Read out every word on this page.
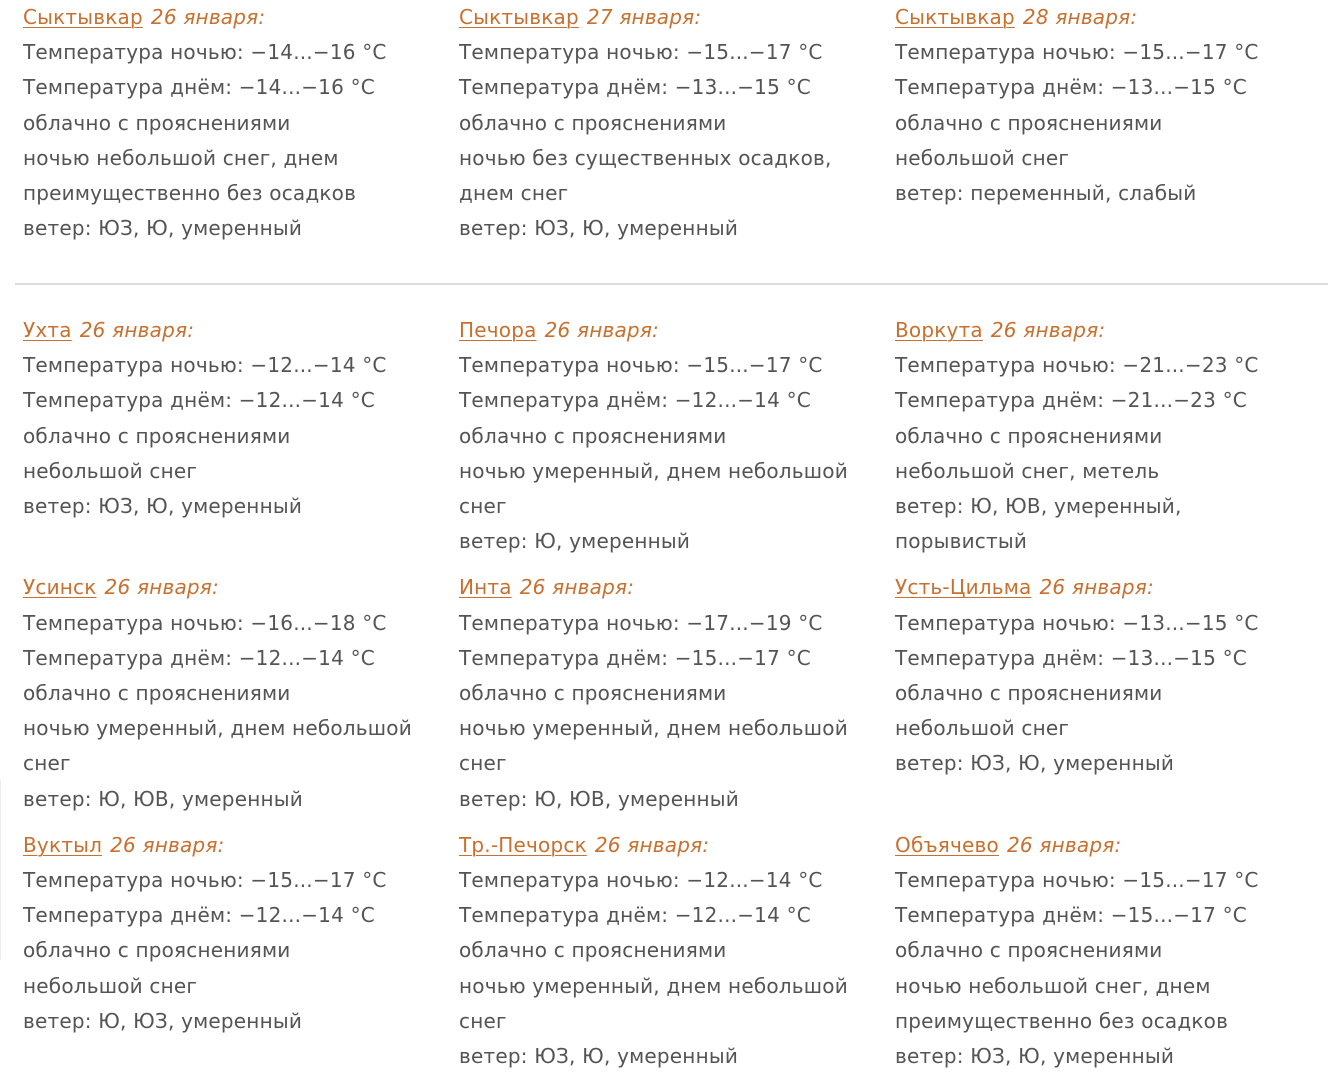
Сыктывкар 26 января:
Температура ночью: −14...−16 °C
Температура днём: −14...−16 °C
облачно с прояснениями
ночью небольшой снег, днем преимущественно без осадков
ветер: ЮЗ, Ю, умеренный
Сыктывкар 27 января:
Температура ночью: −15...−17 °C
Температура днём: −13...−15 °C
облачно с прояснениями
ночью без существенных осадков, днем снег
ветер: ЮЗ, Ю, умеренный
Сыктывкар 28 января:
Температура ночью: −15...−17 °C
Температура днём: −13...−15 °C
облачно с прояснениями
небольшой снег
ветер: переменный, слабый
Ухта 26 января:
Температура ночью: −12...−14 °C
Температура днём: −12...−14 °C
облачно с прояснениями
небольшой снег
ветер: ЮЗ, Ю, умеренный
Печора 26 января:
Температура ночью: −15...−17 °C
Температура днём: −12...−14 °C
облачно с прояснениями
ночью умеренный, днем небольшой снег
ветер: Ю, умеренный
Воркута 26 января:
Температура ночью: −21...−23 °C
Температура днём: −21...−23 °C
облачно с прояснениями
небольшой снег, метель
ветер: Ю, ЮВ, умеренный, порывистый
Усинск 26 января:
Температура ночью: −16...−18 °C
Температура днём: −12...−14 °C
облачно с прояснениями
ночью умеренный, днем небольшой снег
ветер: Ю, ЮВ, умеренный
Инта 26 января:
Температура ночью: −17...−19 °C
Температура днём: −15...−17 °C
облачно с прояснениями
ночью умеренный, днем небольшой снег
ветер: Ю, ЮВ, умеренный
Усть-Цильма 26 января:
Температура ночью: −13...−15 °C
Температура днём: −13...−15 °C
облачно с прояснениями
небольшой снег
ветер: ЮЗ, Ю, умеренный
Вуктыл 26 января:
Температура ночью: −15...−17 °C
Температура днём: −12...−14 °C
облачно с прояснениями
небольшой снег
ветер: Ю, ЮЗ, умеренный
Тр.-Печорск 26 января:
Температура ночью: −12...−14 °C
Температура днём: −12...−14 °C
облачно с прояснениями
ночью умеренный, днем небольшой снег
ветер: ЮЗ, Ю, умеренный
Объячево 26 января:
Температура ночью: −15...−17 °C
Температура днём: −15...−17 °C
облачно с прояснениями
ночью небольшой снег, днем преимущественно без осадков
ветер: ЮЗ, Ю, умеренный
